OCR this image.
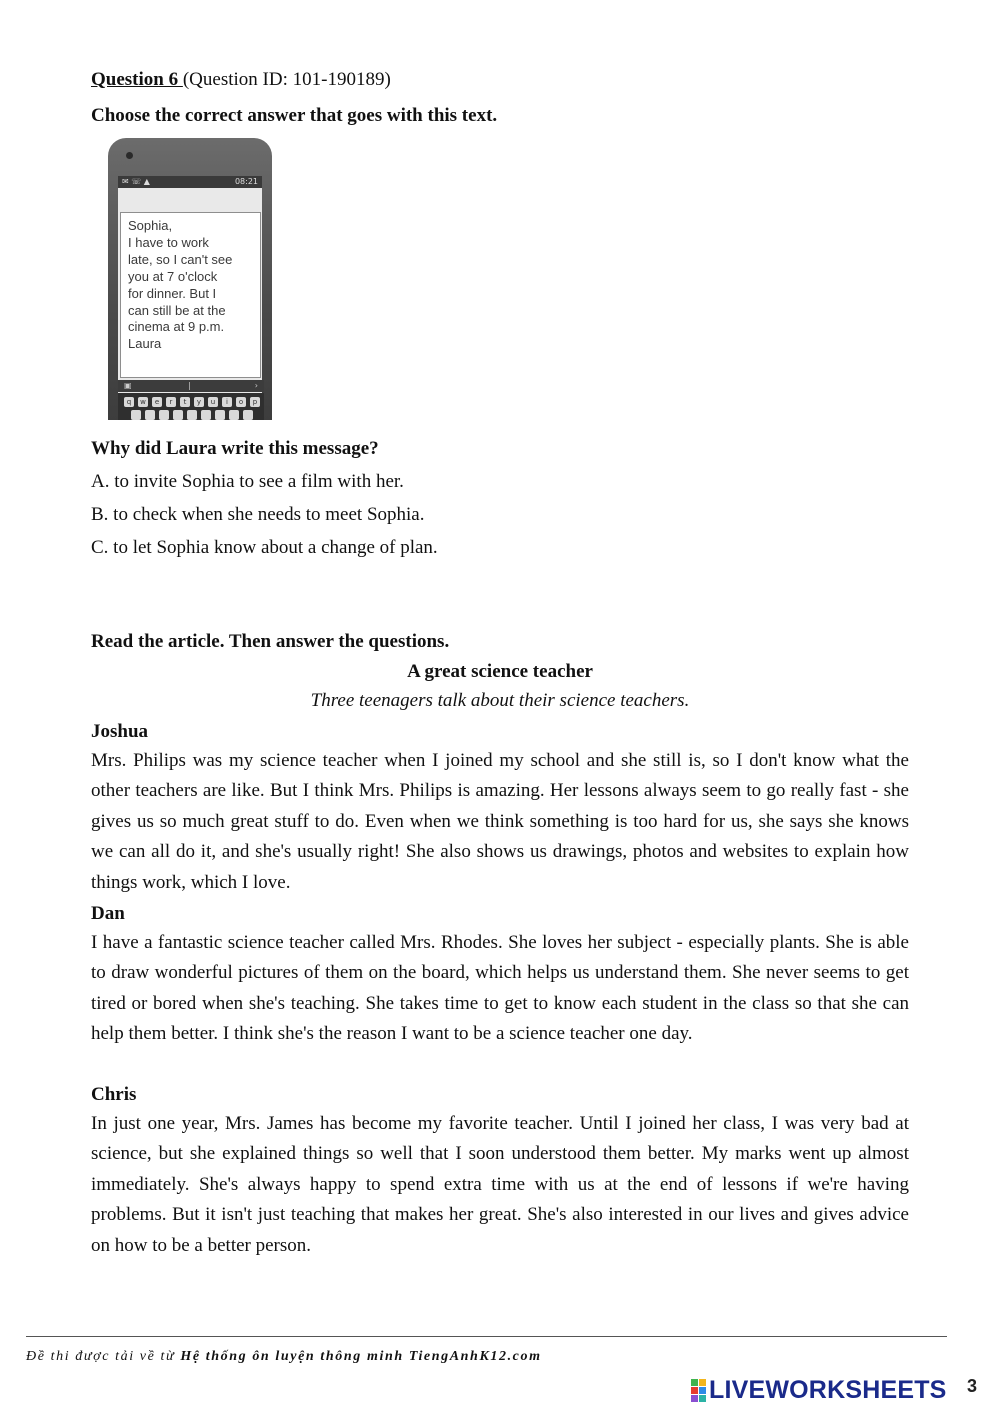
Question 6 (Question ID: 101-190189)
Choose the correct answer that goes with this text.
✉ ☏ ▲	08:21
Sophia,
I have to work
late, so I can't see
you at 7 o'clock
for dinner. But I
can still be at the
cinema at 9 p.m.
Laura
▣	|	›
q	w	e	r	t	y	u	i	o	p
Why did Laura write this message?
A. to invite Sophia to see a film with her.
B. to check when she needs to meet Sophia.
C. to let Sophia know about a change of plan.
Read the article. Then answer the questions.
A great science teacher
Three teenagers talk about their science teachers.
Joshua
Mrs. Philips was my science teacher when I joined my school and she still is, so I don't know what the other teachers are like. But I think Mrs. Philips is amazing. Her lessons always seem to go really fast - she gives us so much great stuff to do. Even when we think something is too hard for us, she says she knows we can all do it, and she's usually right! She also shows us drawings, photos and websites to explain how things work, which I love.
Dan
I have a fantastic science teacher called Mrs. Rhodes. She loves her subject - especially plants. She is able to draw wonderful pictures of them on the board, which helps us understand them. She never seems to get tired or bored when she's teaching. She takes time to get to know each student in the class so that she can help them better. I think she's the reason I want to be a science teacher one day.
Chris
In just one year, Mrs. James has become my favorite teacher. Until I joined her class, I was very bad at science, but she explained things so well that I soon understood them better. My marks went up almost immediately. She's always happy to spend extra time with us at the end of lessons if we're having problems. But it isn't just teaching that makes her great. She's also interested in our lives and gives advice on how to be a better person.
Đề thi được tải về từ Hệ thống ôn luyện thông minh TiengAnhK12.com
LIVEWORKSHEETS 3
